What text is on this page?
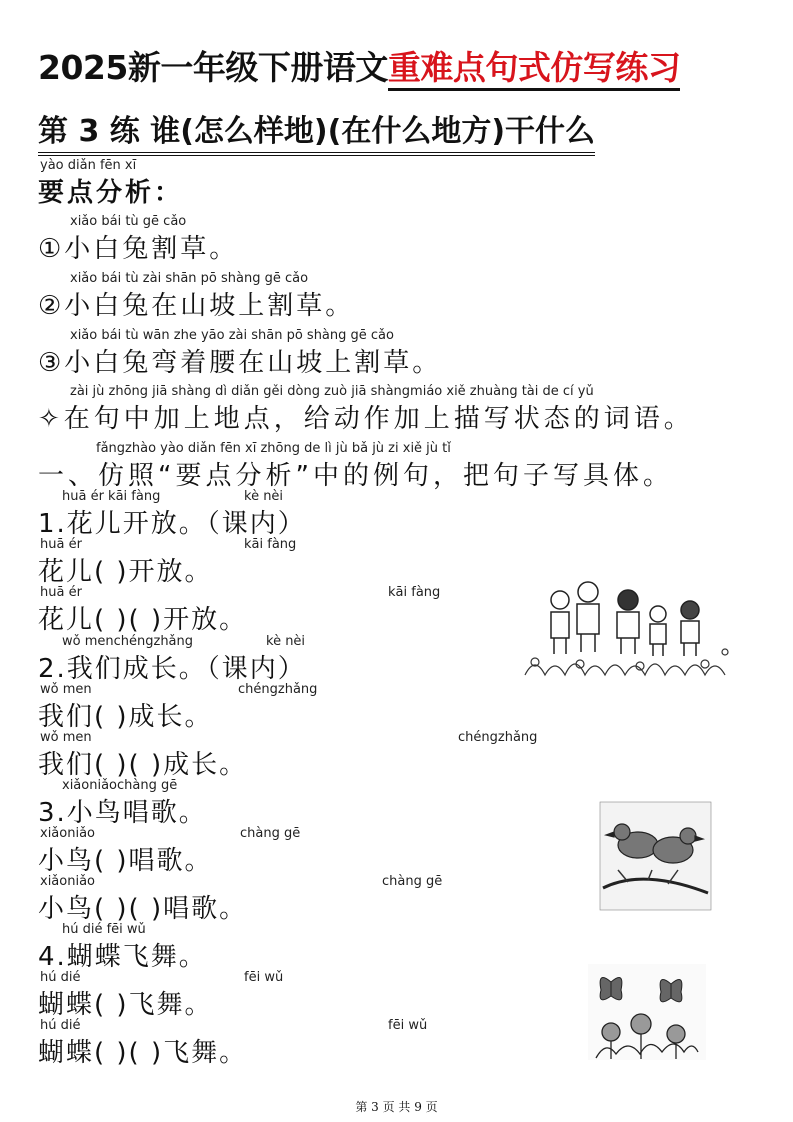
2025新一年级下册语文重难点句式仿写练习
第 3 练 谁(怎么样地)(在什么地方)干什么
yào diǎn fēn xī
要点分析：
xiǎo bái tù gē cǎo
①小白兔割草。
xiǎo bái tù zài shān pō shàng gē cǎo
②小白兔在山坡上割草。
xiǎo bái tù wān zhe yāo zài shān pō shàng gē cǎo
③小白兔弯着腰在山坡上割草。
zài jù zhōng jiā shàng dì diǎn gěi dòng zuò jiā shàngmiáo xiě zhuàng tài de cí yǔ
✧在句中加上地点，给动作加上描写状态的词语。
fǎngzhào yào diǎn fēn xī zhōng de lì jù bǎ jù zi xiě jù tǐ
一、仿照“要点分析”中的例句，把句子写具体。
huā ér kāi fàng	kè nèi
1.花儿开放。（课内）
huā ér	kāi fàng
花儿( )开放。
huā ér	kāi fàng
花儿( )( )开放。
wǒ menchéngzhǎng	kè nèi
2.我们成长。（课内）
wǒ men	chéngzhǎng
我们( )成长。
wǒ men	chéngzhǎng
我们( )( )成长。
xiǎoniǎochàng gē
3.小鸟唱歌。
xiǎoniǎo	chàng gē
小鸟( )唱歌。
xiǎoniǎo	chàng gē
小鸟( )( )唱歌。
hú dié fēi wǔ
4.蝴蝶飞舞。
hú dié	fēi wǔ
蝴蝶( )飞舞。
hú dié	fēi wǔ
蝴蝶( )( )飞舞。
第 3 页 共 9 页
